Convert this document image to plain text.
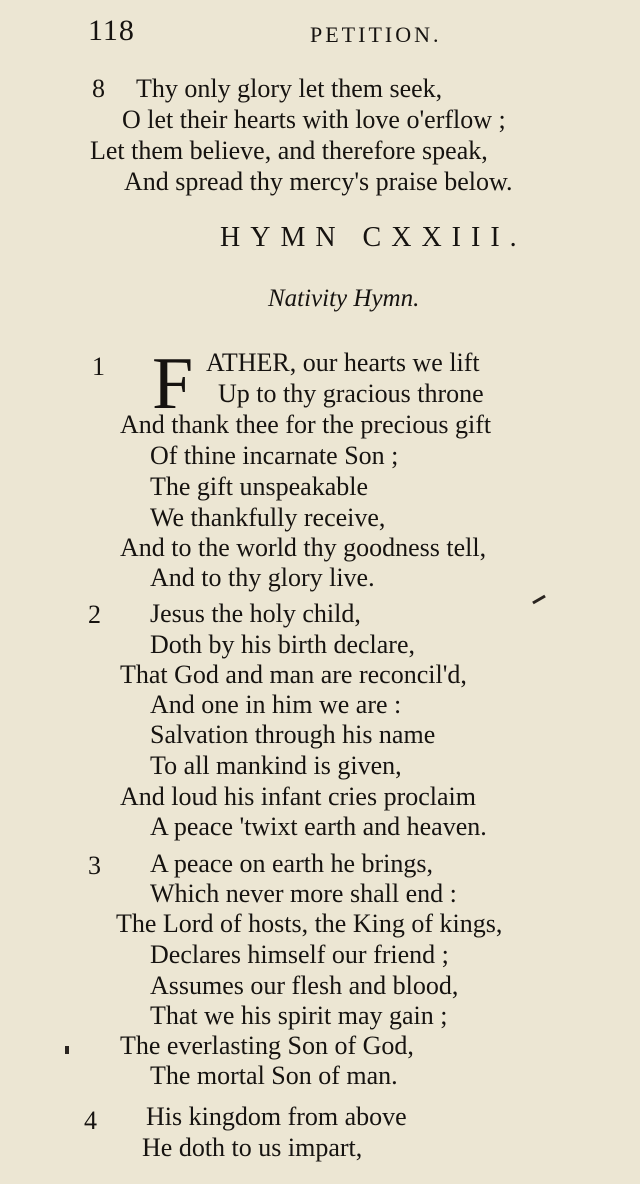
118	PETITION.
8 Thy only glory let them seek,
O let their hearts with love o'erflow ;
Let them believe, and therefore speak,
And spread thy mercy's praise below.
HYMN CXXIII.
Nativity Hymn.
1 F ATHER, our hearts we lift
Up to thy gracious throne
And thank thee for the precious gift
Of thine incarnate Son ;
The gift unspeakable
We thankfully receive,
And to the world thy goodness tell,
And to thy glory live.
2 Jesus the holy child,
Doth by his birth declare,
That God and man are reconcil'd,
And one in him we are :
Salvation through his name
To all mankind is given,
And loud his infant cries proclaim
A peace 'twixt earth and heaven.
3 A peace on earth he brings,
Which never more shall end :
The Lord of hosts, the King of kings,
Declares himself our friend ;
Assumes our flesh and blood,
That we his spirit may gain ;
The everlasting Son of God,
The mortal Son of man.
4 His kingdom from above
He doth to us impart,
